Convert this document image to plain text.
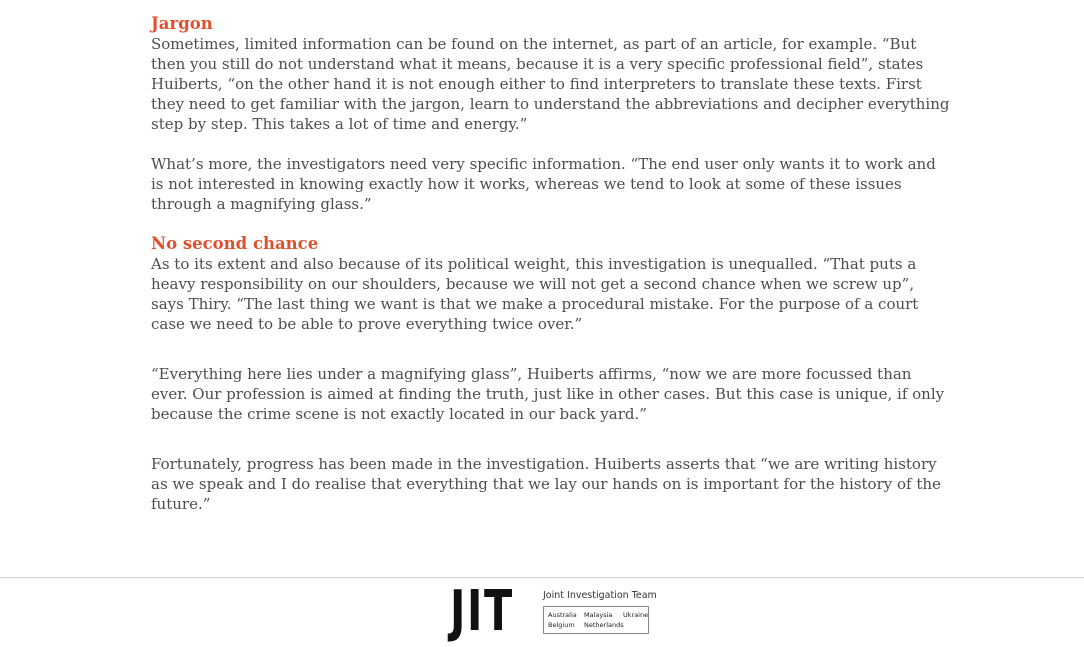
Jargon

Sometimes, limited information can be found on the internet, as part of an article, for example. “But then you still do not understand what it means, because it is a very specific professional field”, states Huiberts, “on the other hand it is not enough either to find interpreters to translate these texts. First they need to get familiar with the jargon, learn to understand the abbreviations and decipher everything step by step. This takes a lot of time and energy.”

What’s more, the investigators need very specific information. “The end user only wants it to work and is not interested in knowing exactly how it works, whereas we tend to look at some of these issues through a magnifying glass.”

No second chance

As to its extent and also because of its political weight, this investigation is unequalled. “That puts a heavy responsibility on our shoulders, because we will not get a second chance when we screw up”, says Thiry. “The last thing we want is that we make a procedural mistake. For the purpose of a court case we need to be able to prove everything twice over.”

“Everything here lies under a magnifying glass”, Huiberts affirms, “now we are more focussed than ever. Our profession is aimed at finding the truth, just like in other cases. But this case is unique, if only because the crime scene is not exactly located in our back yard.”

Fortunately, progress has been made in the investigation. Huiberts asserts that “we are writing history as we speak and I do realise that everything that we lay our hands on is important for the history of the future.”

JIT	Joint Investigation Team
Australia Malaysia Ukraine
Belgium Netherlands
